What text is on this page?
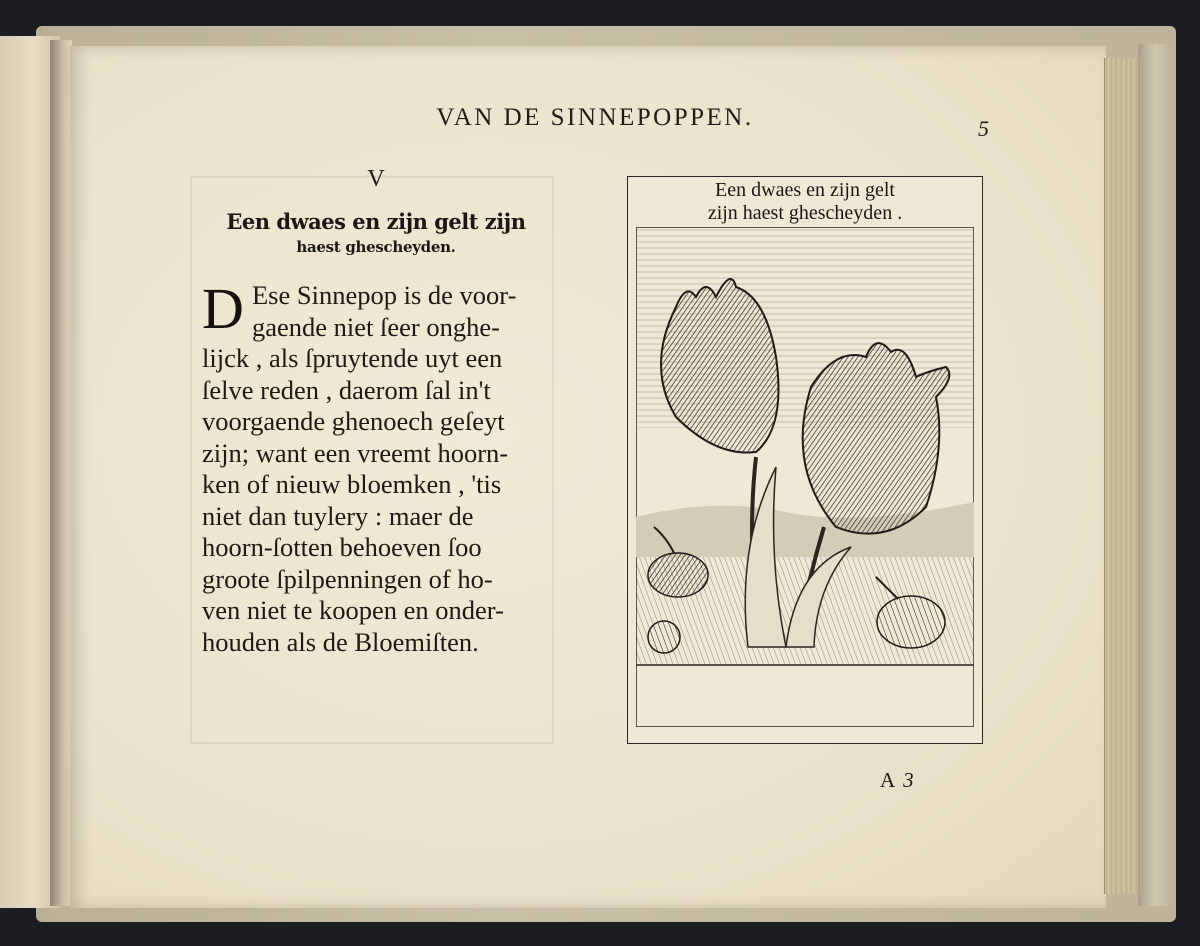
VAN DE SINNEPOPPEN.	5
V
Een dwaes en zijn gelt zijn
haest ghescheyden.
D Ese Sinnepop is de voor-
gaende niet ſeer onghe-
lijck , als ſpruytende uyt een
ſelve reden , daerom ſal in't
voorgaende ghenoech geſeyt
zijn; want een vreemt hoorn-
ken of nieuw bloemken , 'tis
niet dan tuylery : maer de
hoorn-ſotten behoeven ſoo
groote ſpilpenningen of ho-
ven niet te koopen en onder-
houden als de Bloemiſten.
Een dwaes en zijn gelt
zijn haest ghescheyden .
A 3
